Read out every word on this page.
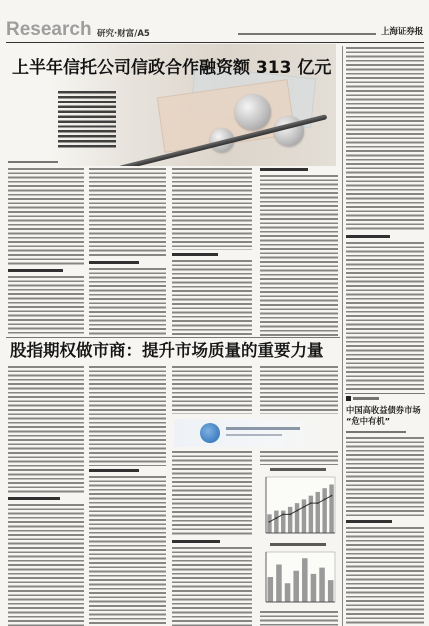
Research 研究·财富/A5	上海证券报
上半年信托公司信政合作融资额 313 亿元
中国高收益债券市场
“危中有机”
股指期权做市商：提升市场质量的重要力量
